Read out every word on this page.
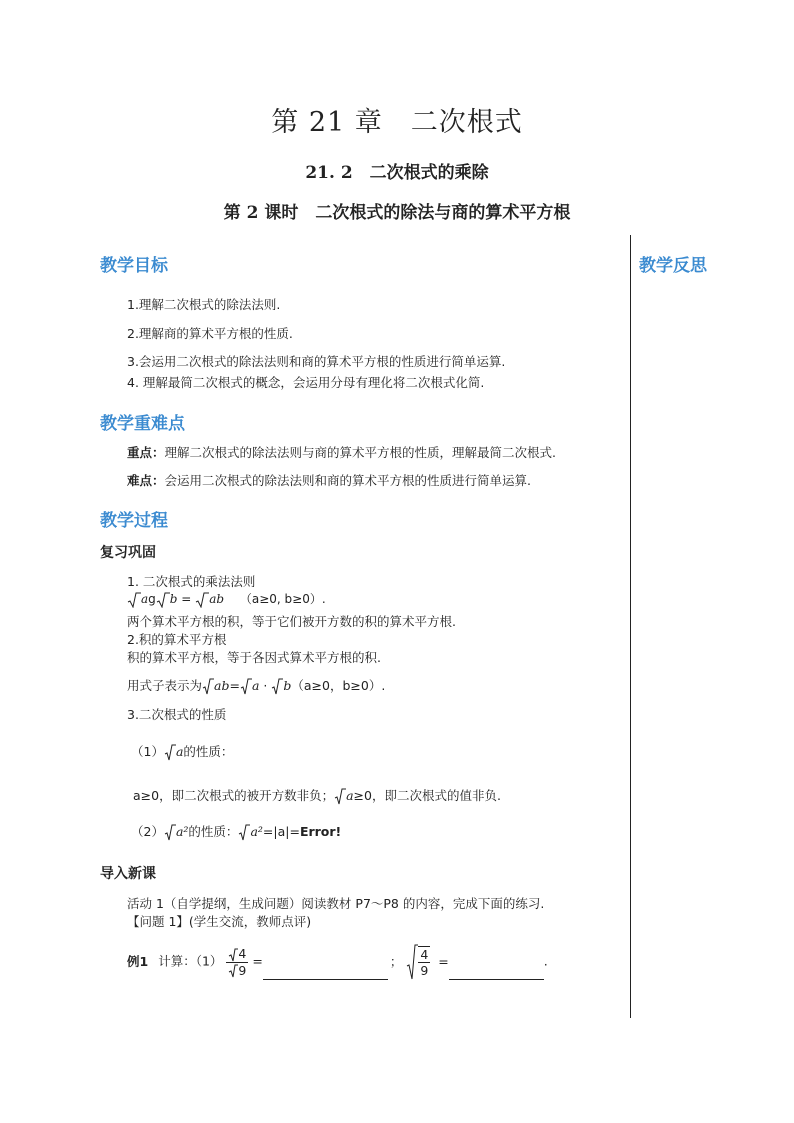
第 21 章　二次根式
21. 2　二次根式的乘除
第 2 课时　二次根式的除法与商的算术平方根
教学反思
教学目标
1.理解二次根式的除法法则.
2.理解商的算术平方根的性质.
3.会运用二次根式的除法法则和商的算术平方根的性质进行简单运算.
4. 理解最简二次根式的概念，会运用分母有理化将二次根式化简.
教学重难点
重点：理解二次根式的除法法则与商的算术平方根的性质，理解最简二次根式.
难点：会运用二次根式的除法法则和商的算术平方根的性质进行简单运算.
教学过程
复习巩固
1. 二次根式的乘法法则
ag b = ab （a≥0, b≥0）.
两个算术平方根的积，等于它们被开方数的积的算术平方根.
2.积的算术平方根
积的算术平方根，等于各因式算术平方根的积.
用式子表示为 ab= a · b（a≥0，b≥0）.
3.二次根式的性质
（1） a的性质：
a≥0，即二次根式的被开方数非负； a≥0，即二次根式的值非负.
（2） a²的性质： a²=|a|=Error!
导入新课
活动 1（自学提纲，生成问题）阅读教材 P7～P8 的内容，完成下面的练习.
【问题 1】(学生交流，教师点评)
例1 计算：$(1) \frac{4}{9}$ =	； $\frac{4}{9}$ =	.
